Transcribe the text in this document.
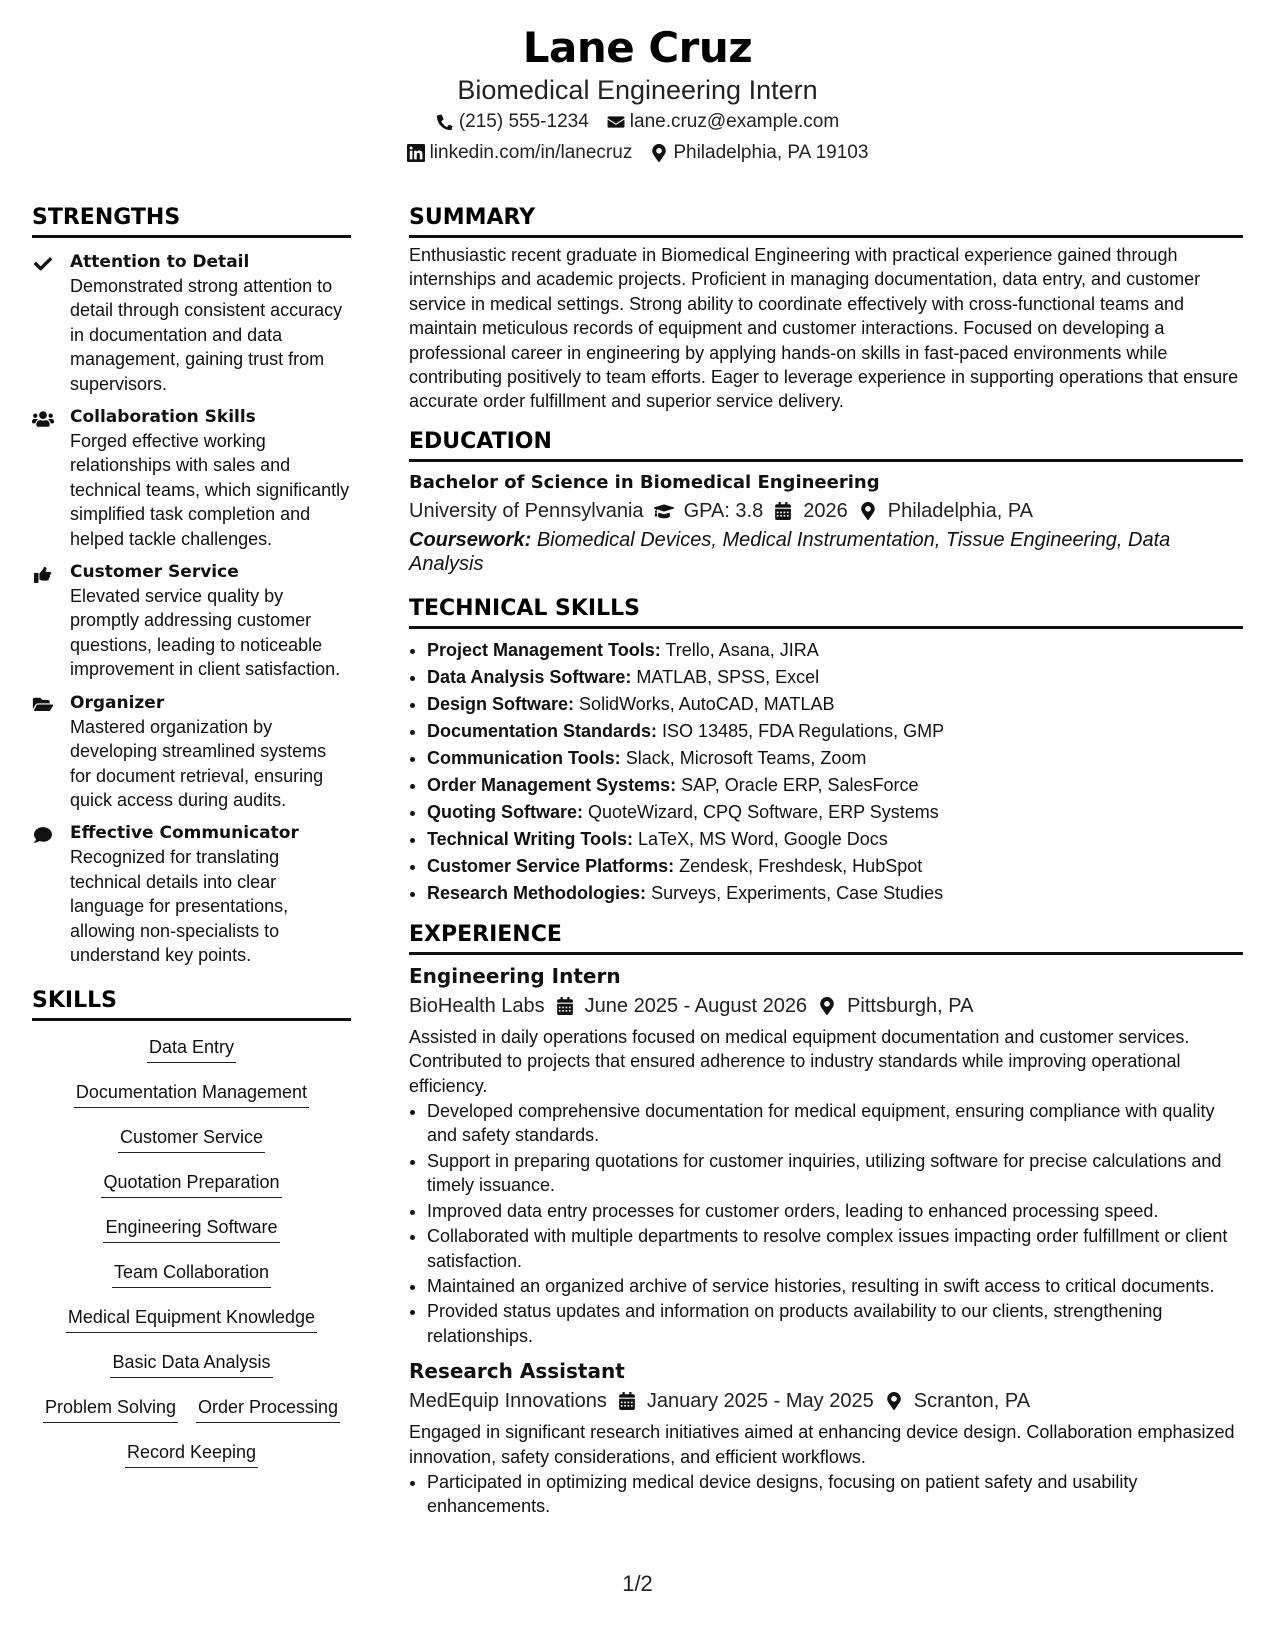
Lane Cruz
Biomedical Engineering Intern
(215) 555-1234 lane.cruz@example.com
linkedin.com/in/lanecruz Philadelphia, PA 19103
STRENGTHS
Attention to Detail
Demonstrated strong attention to detail through consistent accuracy in documentation and data management, gaining trust from supervisors.
Collaboration Skills
Forged effective working relationships with sales and technical teams, which significantly simplified task completion and helped tackle challenges.
Customer Service
Elevated service quality by promptly addressing customer questions, leading to noticeable improvement in client satisfaction.
Organizer
Mastered organization by developing streamlined systems for document retrieval, ensuring quick access during audits.
Effective Communicator
Recognized for translating technical details into clear language for presentations, allowing non-specialists to understand key points.
SKILLS
Data Entry
Documentation Management
Customer Service
Quotation Preparation
Engineering Software
Team Collaboration
Medical Equipment Knowledge
Basic Data Analysis
Problem Solving Order Processing
Record Keeping
SUMMARY
Enthusiastic recent graduate in Biomedical Engineering with practical experience gained through internships and academic projects. Proficient in managing documentation, data entry, and customer service in medical settings. Strong ability to coordinate effectively with cross-functional teams and maintain meticulous records of equipment and customer interactions. Focused on developing a professional career in engineering by applying hands-on skills in fast-paced environments while contributing positively to team efforts. Eager to leverage experience in supporting operations that ensure accurate order fulfillment and superior service delivery.
EDUCATION
Bachelor of Science in Biomedical Engineering
University of Pennsylvania GPA: 3.8 2026 Philadelphia, PA
Coursework: Biomedical Devices, Medical Instrumentation, Tissue Engineering, Data Analysis
TECHNICAL SKILLS
• Project Management Tools: Trello, Asana, JIRA
• Data Analysis Software: MATLAB, SPSS, Excel
• Design Software: SolidWorks, AutoCAD, MATLAB
• Documentation Standards: ISO 13485, FDA Regulations, GMP
• Communication Tools: Slack, Microsoft Teams, Zoom
• Order Management Systems: SAP, Oracle ERP, SalesForce
• Quoting Software: QuoteWizard, CPQ Software, ERP Systems
• Technical Writing Tools: LaTeX, MS Word, Google Docs
• Customer Service Platforms: Zendesk, Freshdesk, HubSpot
• Research Methodologies: Surveys, Experiments, Case Studies
EXPERIENCE
Engineering Intern
BioHealth Labs June 2025 - August 2026 Pittsburgh, PA
Assisted in daily operations focused on medical equipment documentation and customer services. Contributed to projects that ensured adherence to industry standards while improving operational efficiency.
• Developed comprehensive documentation for medical equipment, ensuring compliance with quality and safety standards.
• Support in preparing quotations for customer inquiries, utilizing software for precise calculations and timely issuance.
• Improved data entry processes for customer orders, leading to enhanced processing speed.
• Collaborated with multiple departments to resolve complex issues impacting order fulfillment or client satisfaction.
• Maintained an organized archive of service histories, resulting in swift access to critical documents.
• Provided status updates and information on products availability to our clients, strengthening relationships.
Research Assistant
MedEquip Innovations January 2025 - May 2025 Scranton, PA
Engaged in significant research initiatives aimed at enhancing device design. Collaboration emphasized innovation, safety considerations, and efficient workflows.
• Participated in optimizing medical device designs, focusing on patient safety and usability enhancements.
1/2
